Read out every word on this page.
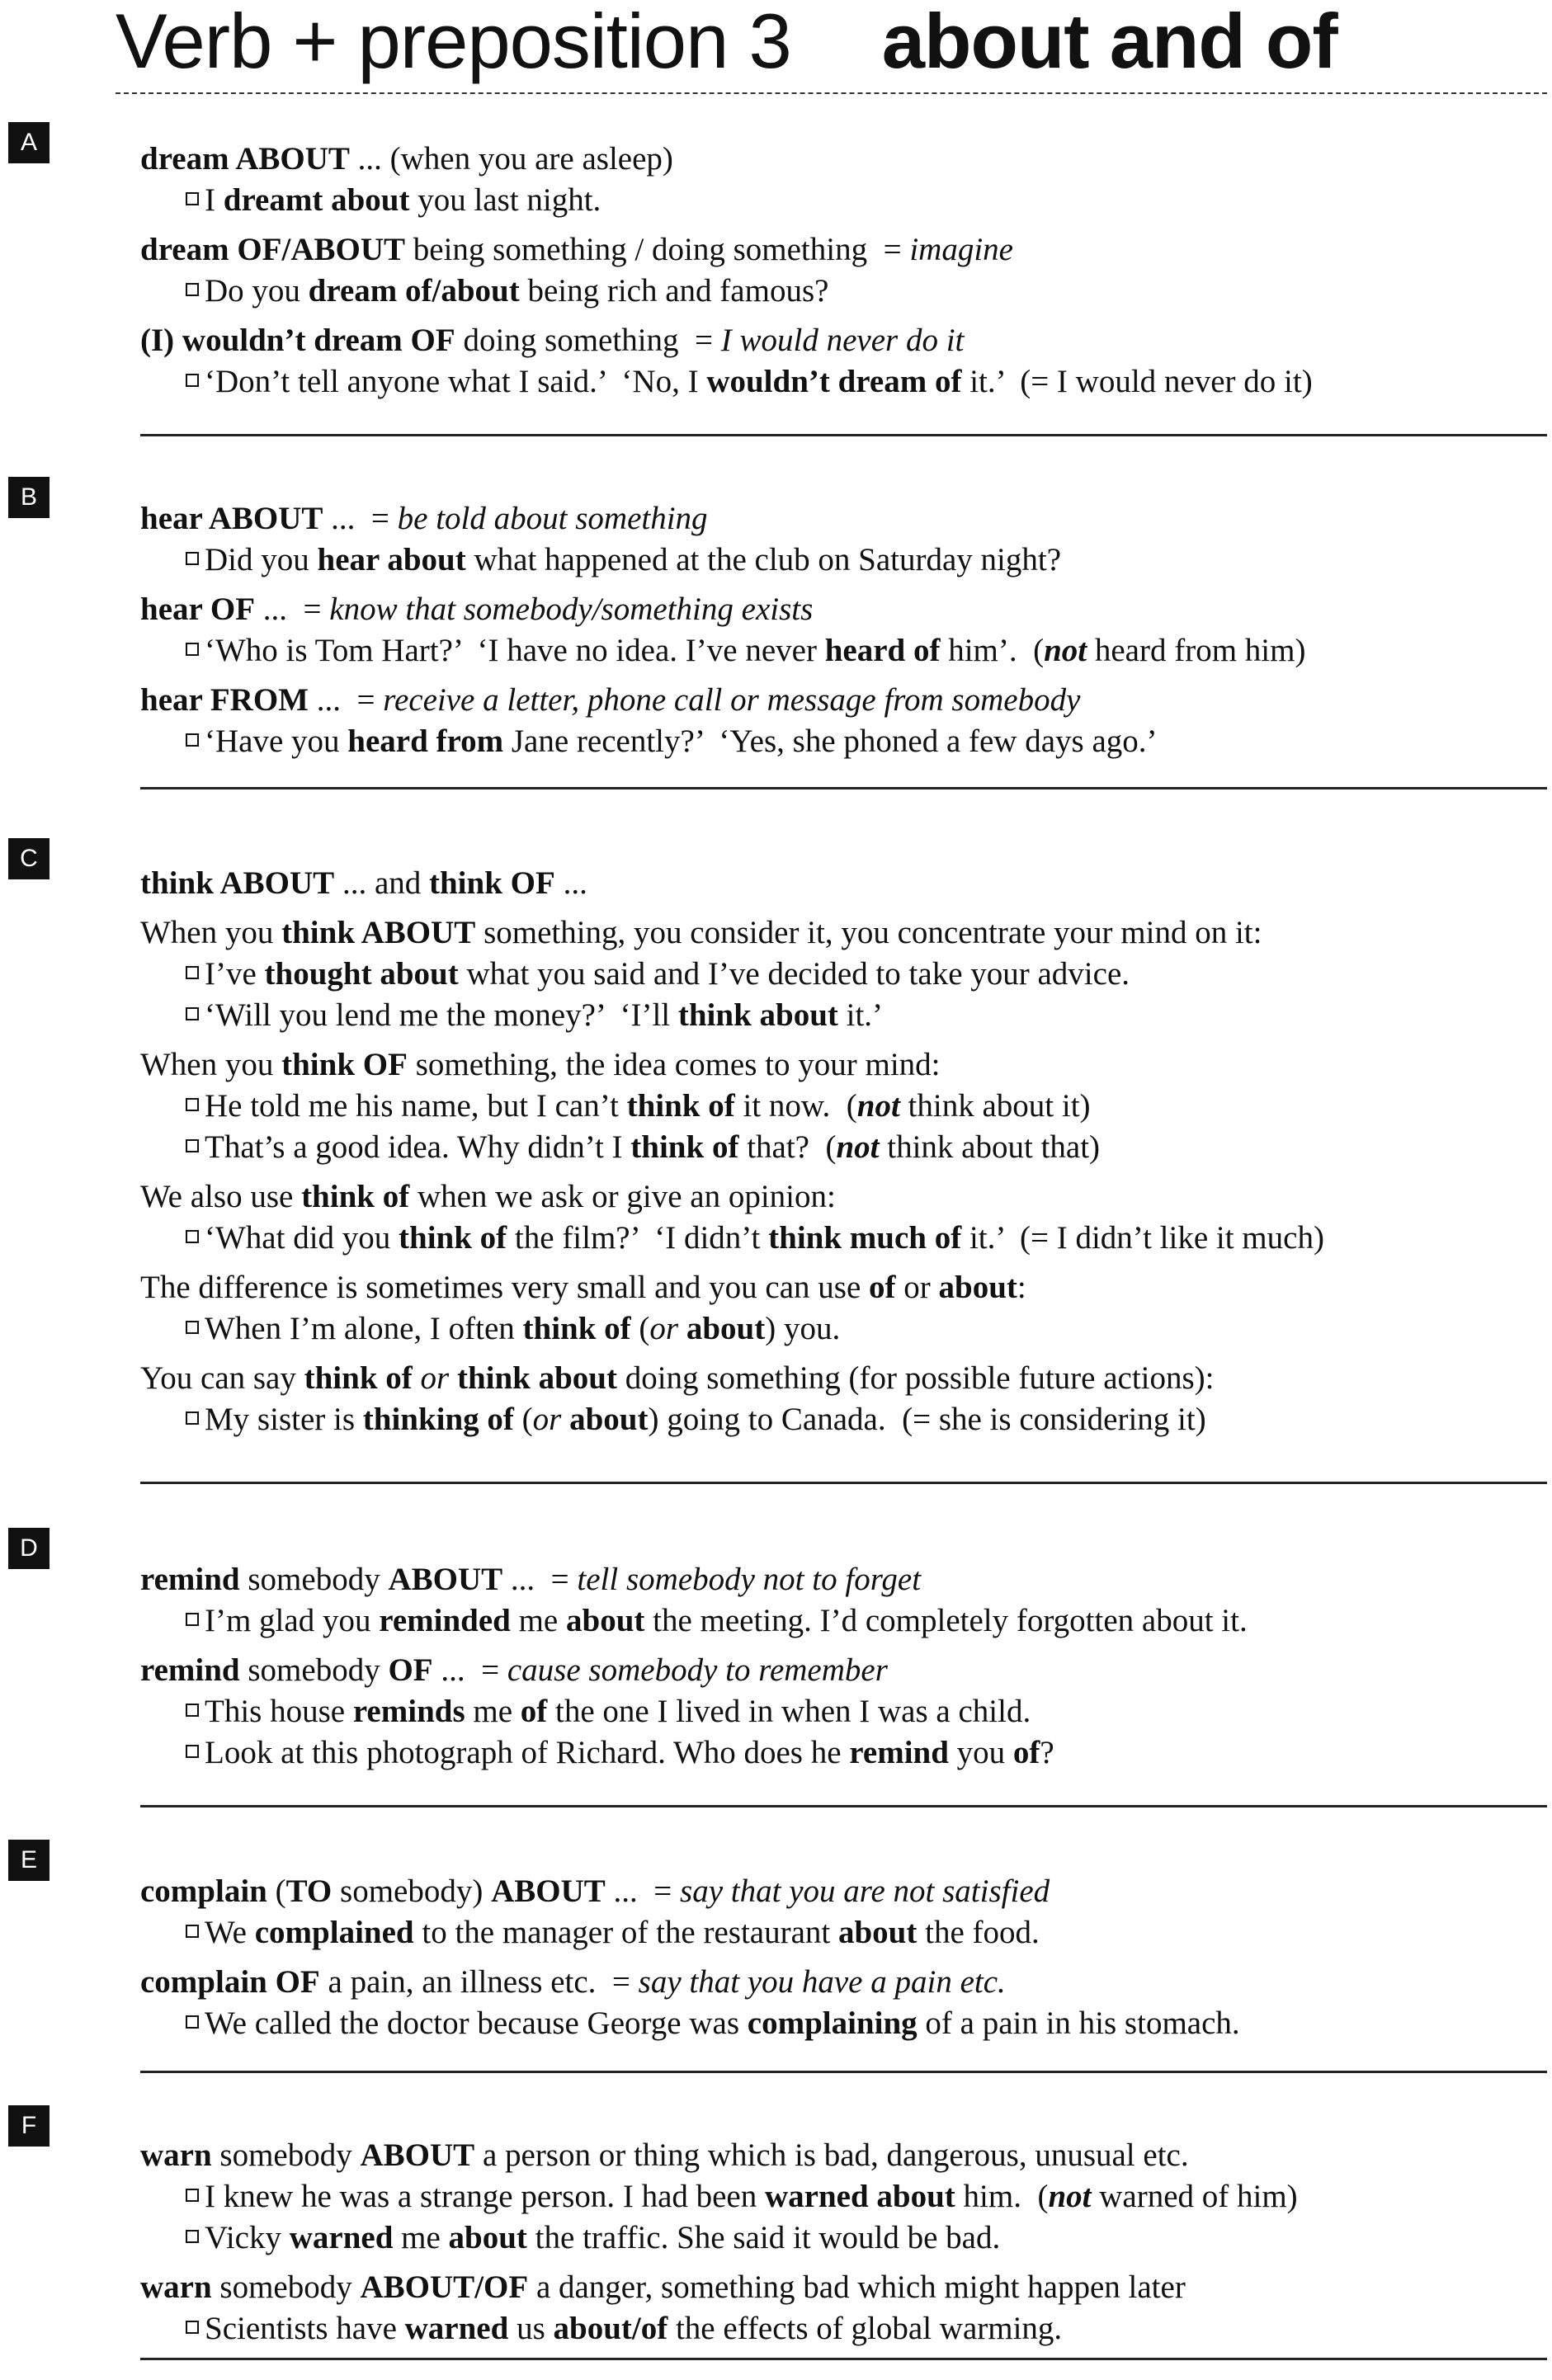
Verb + preposition 3 about and of
A	dream ABOUT ... (when you are asleep)
I dreamt about you last night.
dream OF/ABOUT being something / doing something  = imagine
Do you dream of/about being rich and famous?
(I) wouldn’t dream OF doing something  = I would never do it
‘Don’t tell anyone what I said.’  ‘No, I wouldn’t dream of it.’  (= I would never do it)
B
hear ABOUT ...  = be told about something
Did you hear about what happened at the club on Saturday night?
hear OF ...  = know that somebody/something exists
‘Who is Tom Hart?’  ‘I have no idea. I’ve never heard of him’.  (not heard from him)
hear FROM ...  = receive a letter, phone call or message from somebody
‘Have you heard from Jane recently?’  ‘Yes, she phoned a few days ago.’
C
think ABOUT ... and think OF ...
When you think ABOUT something, you consider it, you concentrate your mind on it:
I’ve thought about what you said and I’ve decided to take your advice.
‘Will you lend me the money?’  ‘I’ll think about it.’
When you think OF something, the idea comes to your mind:
He told me his name, but I can’t think of it now.  (not think about it)
That’s a good idea. Why didn’t I think of that?  (not think about that)
We also use think of when we ask or give an opinion:
‘What did you think of the film?’  ‘I didn’t think much of it.’  (= I didn’t like it much)
The difference is sometimes very small and you can use of or about:
When I’m alone, I often think of (or about) you.
You can say think of or think about doing something (for possible future actions):
My sister is thinking of (or about) going to Canada.  (= she is considering it)
D
remind somebody ABOUT ...  = tell somebody not to forget
I’m glad you reminded me about the meeting. I’d completely forgotten about it.
remind somebody OF ...  = cause somebody to remember
This house reminds me of the one I lived in when I was a child.
Look at this photograph of Richard. Who does he remind you of?
E
complain (TO somebody) ABOUT ...  = say that you are not satisfied
We complained to the manager of the restaurant about the food.
complain OF a pain, an illness etc.  = say that you have a pain etc.
We called the doctor because George was complaining of a pain in his stomach.
F
warn somebody ABOUT a person or thing which is bad, dangerous, unusual etc.
I knew he was a strange person. I had been warned about him.  (not warned of him)
Vicky warned me about the traffic. She said it would be bad.
warn somebody ABOUT/OF a danger, something bad which might happen later
Scientists have warned us about/of the effects of global warming.
